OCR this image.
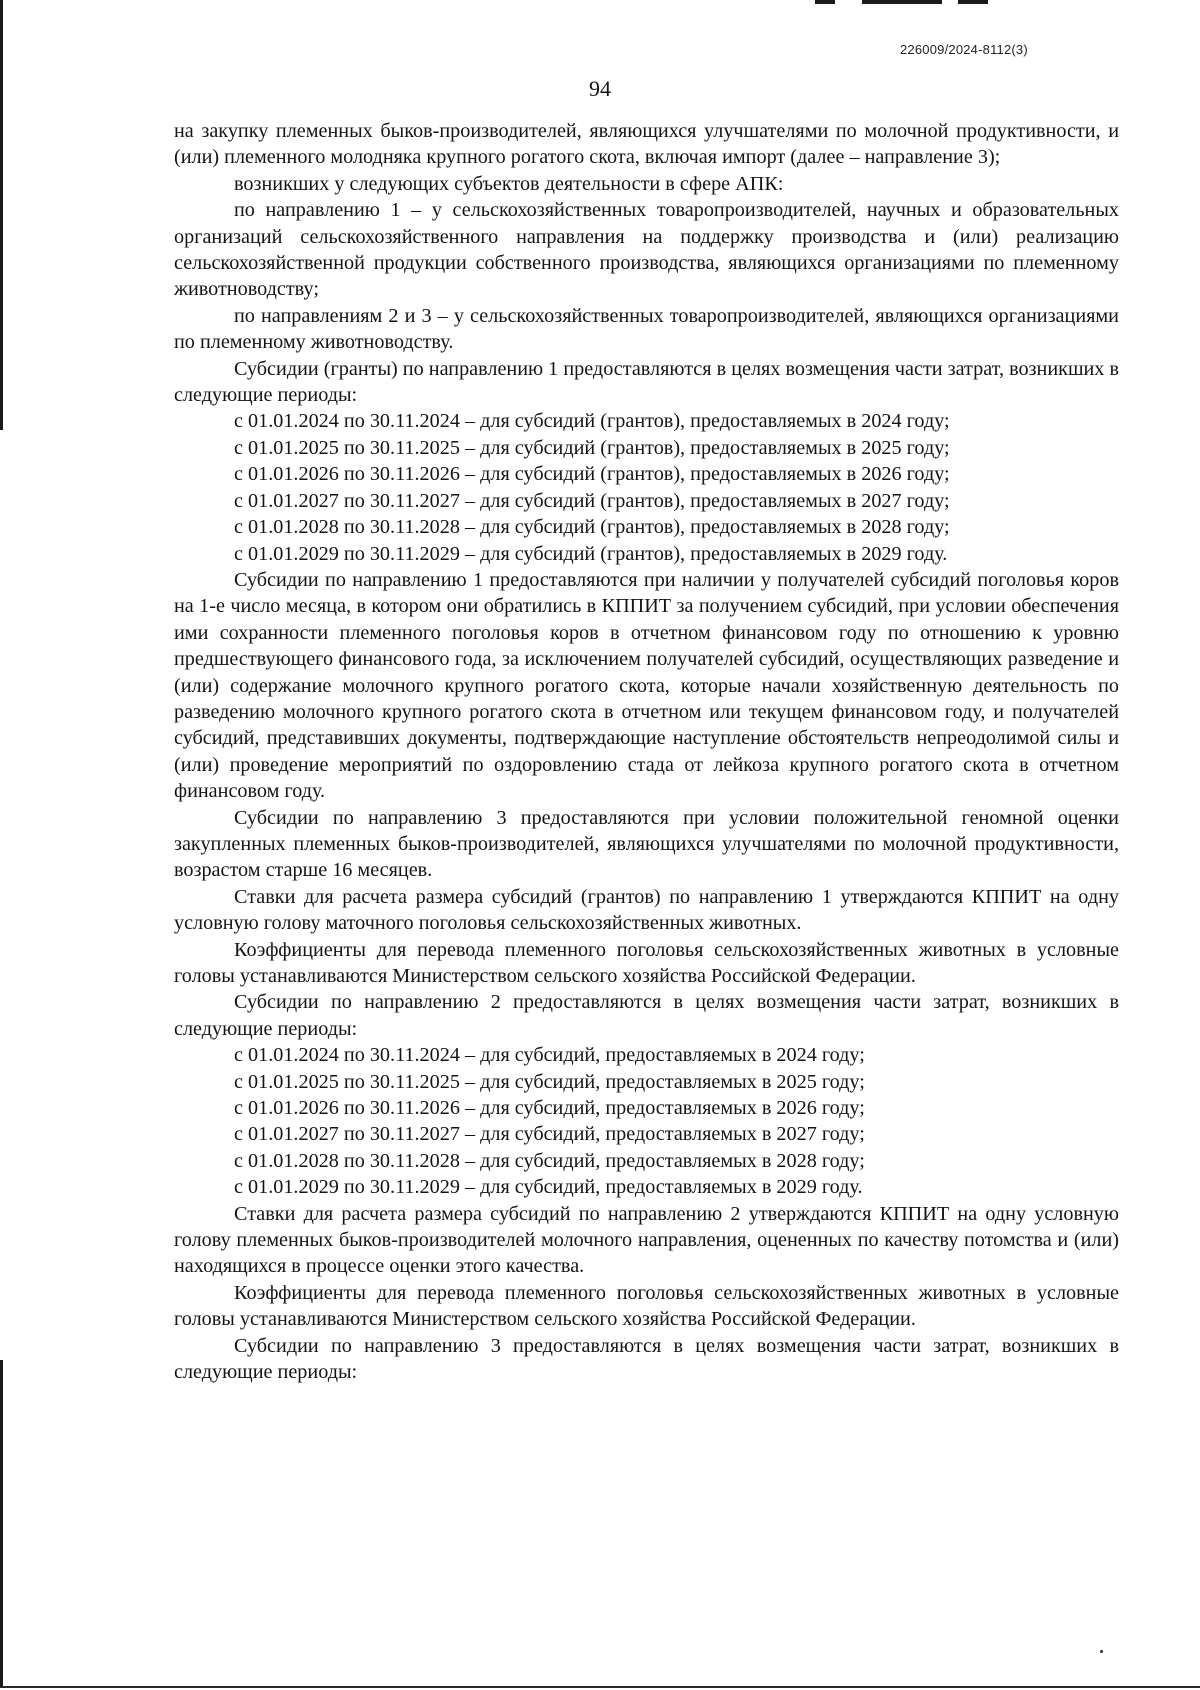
226009/2024-8112(3)
94

на закупку племенных быков-производителей, являющихся улучшателями по молочной продуктивности, и (или) племенного молодняка крупного рогатого скота, включая импорт (далее – направление 3);

возникших у следующих субъектов деятельности в сфере АПК:

по направлению 1 – у сельскохозяйственных товаропроизводителей, научных и образовательных организаций сельскохозяйственного направления на поддержку производства и (или) реализацию сельскохозяйственной продукции собственного производства, являющихся организациями по племенному животноводству;

по направлениям 2 и 3 – у сельскохозяйственных товаропроизводителей, являющихся организациями по племенному животноводству.

Субсидии (гранты) по направлению 1 предоставляются в целях возмещения части затрат, возникших в следующие периоды:

с 01.01.2024 по 30.11.2024 – для субсидий (грантов), предоставляемых в 2024 году;

с 01.01.2025 по 30.11.2025 – для субсидий (грантов), предоставляемых в 2025 году;

с 01.01.2026 по 30.11.2026 – для субсидий (грантов), предоставляемых в 2026 году;

с 01.01.2027 по 30.11.2027 – для субсидий (грантов), предоставляемых в 2027 году;

с 01.01.2028 по 30.11.2028 – для субсидий (грантов), предоставляемых в 2028 году;

с 01.01.2029 по 30.11.2029 – для субсидий (грантов), предоставляемых в 2029 году.

Субсидии по направлению 1 предоставляются при наличии у получателей субсидий поголовья коров на 1-е число месяца, в котором они обратились в КППИТ за получением субсидий, при условии обеспечения ими сохранности племенного поголовья коров в отчетном финансовом году по отношению к уровню предшествующего финансового года, за исключением получателей субсидий, осуществляющих разведение и (или) содержание молочного крупного рогатого скота, которые начали хозяйственную деятельность по разведению молочного крупного рогатого скота в отчетном или текущем финансовом году, и получателей субсидий, представивших документы, подтверждающие наступление обстоятельств непреодолимой силы и (или) проведение мероприятий по оздоровлению стада от лейкоза крупного рогатого скота в отчетном финансовом году.

Субсидии по направлению 3 предоставляются при условии положительной геномной оценки закупленных племенных быков-производителей, являющихся улучшателями по молочной продуктивности, возрастом старше 16 месяцев.

Ставки для расчета размера субсидий (грантов) по направлению 1 утверждаются КППИТ на одну условную голову маточного поголовья сельскохозяйственных животных.

Коэффициенты для перевода племенного поголовья сельскохозяйственных животных в условные головы устанавливаются Министерством сельского хозяйства Российской Федерации.

Субсидии по направлению 2 предоставляются в целях возмещения части затрат, возникших в следующие периоды:

с 01.01.2024 по 30.11.2024 – для субсидий, предоставляемых в 2024 году;

с 01.01.2025 по 30.11.2025 – для субсидий, предоставляемых в 2025 году;

с 01.01.2026 по 30.11.2026 – для субсидий, предоставляемых в 2026 году;

с 01.01.2027 по 30.11.2027 – для субсидий, предоставляемых в 2027 году;

с 01.01.2028 по 30.11.2028 – для субсидий, предоставляемых в 2028 году;

с 01.01.2029 по 30.11.2029 – для субсидий, предоставляемых в 2029 году.

Ставки для расчета размера субсидий по направлению 2 утверждаются КППИТ на одну условную голову племенных быков-производителей молочного направления, оцененных по качеству потомства и (или) находящихся в процессе оценки этого качества.

Коэффициенты для перевода племенного поголовья сельскохозяйственных животных в условные головы устанавливаются Министерством сельского хозяйства Российской Федерации.

Субсидии по направлению 3 предоставляются в целях возмещения части затрат, возникших в следующие периоды:
